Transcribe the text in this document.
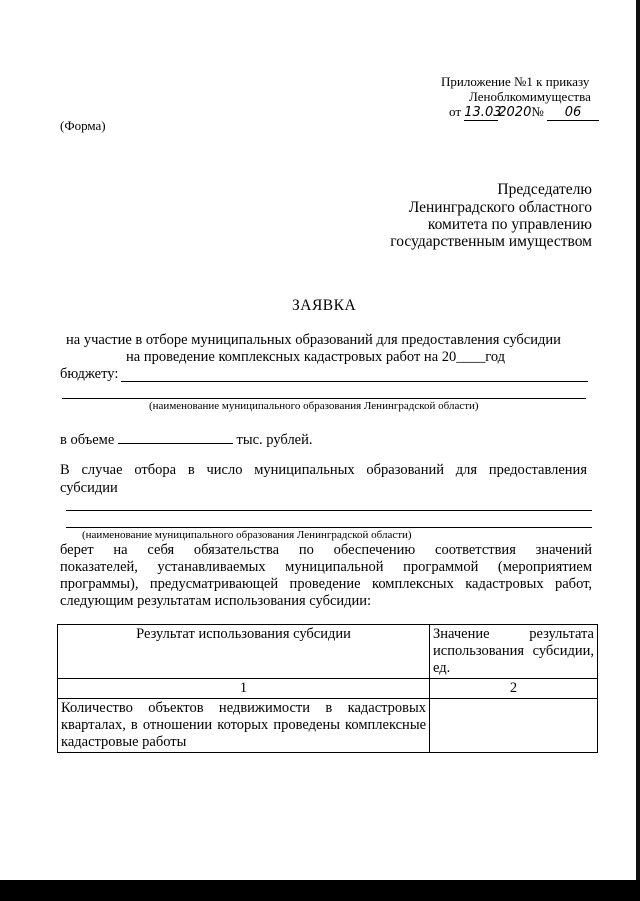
Приложение №1 к приказу
Леноблкомимущества
от 13.032020№ 06
(Форма)
Председателю
Ленинградского областного
комитета по управлению
государственным имуществом
ЗАЯВКА
на участие в отборе муниципальных образований для предоставления субсидии
на проведение комплексных кадастровых работ на 20____год
бюджету:
(наименование муниципального образования Ленинградской области)
в объеме	тыс. рублей.
В случае отбора в число муниципальных образований для предоставления
субсидии
(наименование муниципального образования Ленинградской области)
берет на себя обязательства по обеспечению соответствия значений
показателей, устанавливаемых муниципальной программой (мероприятием
программы), предусматривающей проведение комплексных кадастровых работ,
следующим результатам использования субсидии:
Результат использования субсидии	Значение результата использования субсидии, ед.
1	2
Количество объектов недвижимости в кадастровых кварталах, в отношении которых проведены комплексные кадастровые работы	
